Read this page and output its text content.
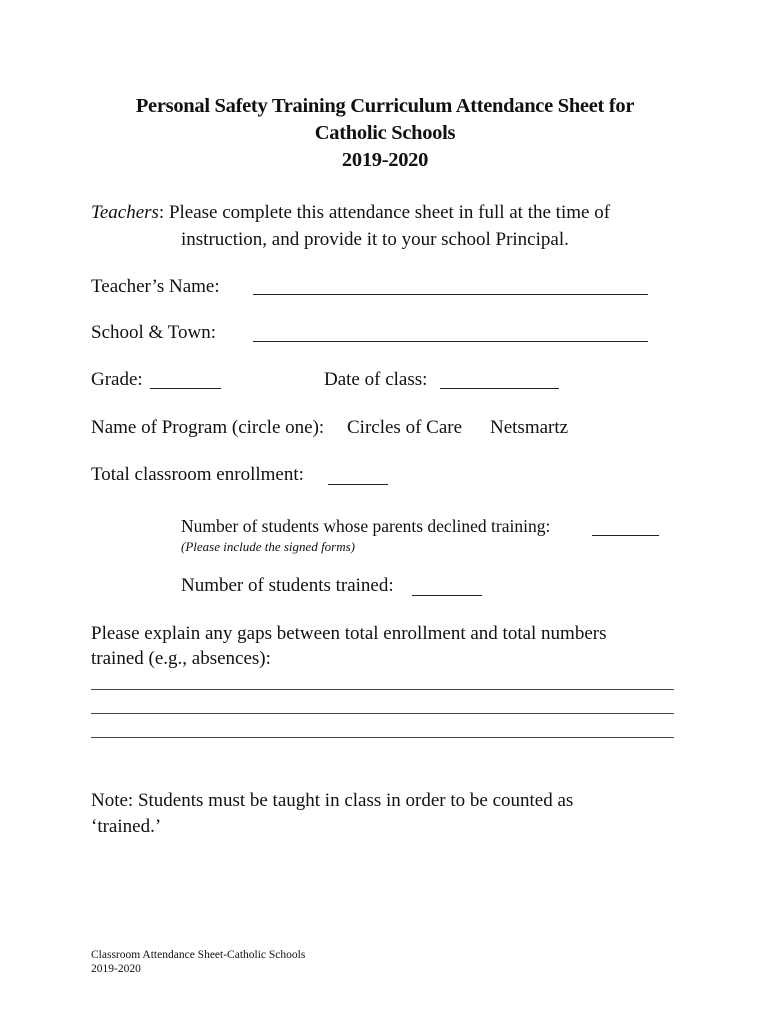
Personal Safety Training Curriculum Attendance Sheet for
Catholic Schools
2019-2020
Teachers: Please complete this attendance sheet in full at the time of
instruction, and provide it to your school Principal.
Teacher’s Name:
School & Town:
Grade:	Date of class:
Name of Program (circle one): Circles of Care Netsmartz
Total classroom enrollment:
Number of students whose parents declined training:
(Please include the signed forms)
Number of students trained:
Please explain any gaps between total enrollment and total numbers
trained (e.g., absences):
Note: Students must be taught in class in order to be counted as
‘trained.’
Classroom Attendance Sheet-Catholic Schools
2019-2020
